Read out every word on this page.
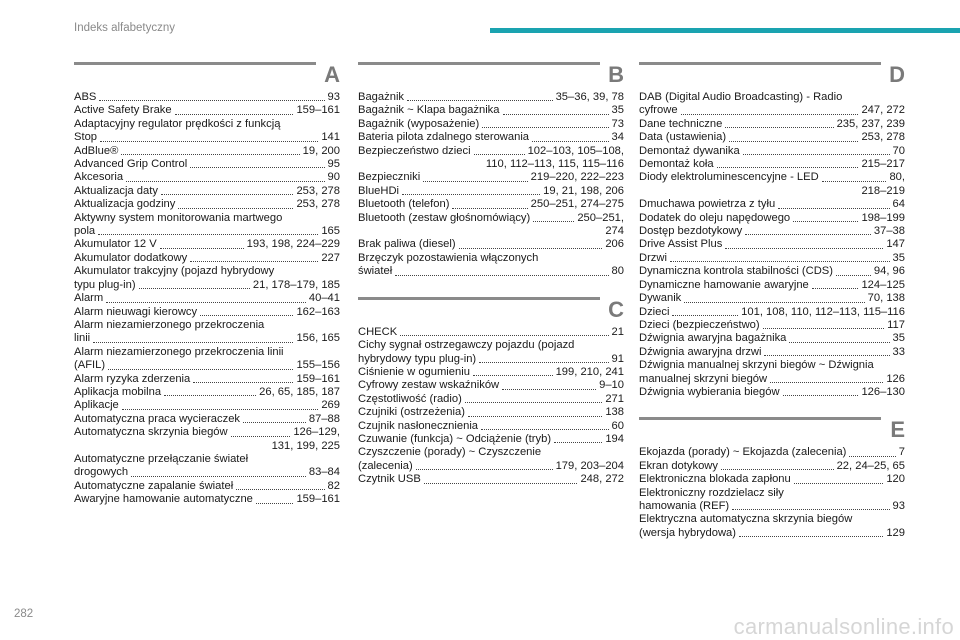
Indeks alfabetyczny
A
ABS	93
Active Safety Brake	159–161
Adaptacyjny regulator prędkości z funkcją
Stop	141
AdBlue®	19, 200
Advanced Grip Control	95
Akcesoria	90
Aktualizacja daty	253, 278
Aktualizacja godziny	253, 278
Aktywny system monitorowania martwego
pola	165
Akumulator 12 V	193, 198, 224–229
Akumulator dodatkowy	227
Akumulator trakcyjny (pojazd hybrydowy
typu plug-in)	21, 178–179, 185
Alarm	40–41
Alarm nieuwagi kierowcy	162–163
Alarm niezamierzonego przekroczenia
linii	156, 165
Alarm niezamierzonego przekroczenia linii
(AFIL)	155–156
Alarm ryzyka zderzenia	159–161
Aplikacja mobilna	26, 65, 185, 187
Aplikacje	269
Automatyczna praca wycieraczek	87–88
Automatyczna skrzynia biegów	126–129,
131, 199, 225
Automatyczne przełączanie świateł
drogowych	83–84
Automatyczne zapalanie świateł	82
Awaryjne hamowanie automatyczne	159–161
B
Bagażnik	35–36, 39, 78
Bagażnik ~ Klapa bagażnika	35
Bagażnik (wyposażenie)	73
Bateria pilota zdalnego sterowania	34
Bezpieczeństwo dzieci	102–103, 105–108,
110, 112–113, 115, 115–116
Bezpieczniki	219–220, 222–223
BlueHDi	19, 21, 198, 206
Bluetooth (telefon)	250–251, 274–275
Bluetooth (zestaw głośnomówiący)	250–251,
274
Brak paliwa (diesel)	206
Brzęczyk pozostawienia włączonych
świateł	80
C
CHECK	21
Cichy sygnał ostrzegawczy pojazdu (pojazd
hybrydowy typu plug-in)	91
Ciśnienie w ogumieniu	199, 210, 241
Cyfrowy zestaw wskaźników	9–10
Częstotliwość (radio)	271
Czujniki (ostrzeżenia)	138
Czujnik nasłonecznienia	60
Czuwanie (funkcja) ~ Odciążenie (tryb)	194
Czyszczenie (porady) ~ Czyszczenie
(zalecenia)	179, 203–204
Czytnik USB	248, 272
D
DAB (Digital Audio Broadcasting) - Radio
cyfrowe	247, 272
Dane techniczne	235, 237, 239
Data (ustawienia)	253, 278
Demontaż dywanika	70
Demontaż koła	215–217
Diody elektroluminescencyjne - LED	80,
218–219
Dmuchawa powietrza z tyłu	64
Dodatek do oleju napędowego	198–199
Dostęp bezdotykowy	37–38
Drive Assist Plus	147
Drzwi	35
Dynamiczna kontrola stabilności (CDS)	94, 96
Dynamiczne hamowanie awaryjne	124–125
Dywanik	70, 138
Dzieci	101, 108, 110, 112–113, 115–116
Dzieci (bezpieczeństwo)	117
Dźwignia awaryjna bagażnika	35
Dźwignia awaryjna drzwi	33
Dźwignia manualnej skrzyni biegów ~ Dźwignia
manualnej skrzyni biegów	126
Dźwignia wybierania biegów	126–130
E
Ekojazda (porady) ~ Ekojazda (zalecenia)	7
Ekran dotykowy	22, 24–25, 65
Elektroniczna blokada zapłonu	120
Elektroniczny rozdzielacz siły
hamowania (REF)	93
Elektryczna automatyczna skrzynia biegów
(wersja hybrydowa)	129
282	carmanualsonline.info
